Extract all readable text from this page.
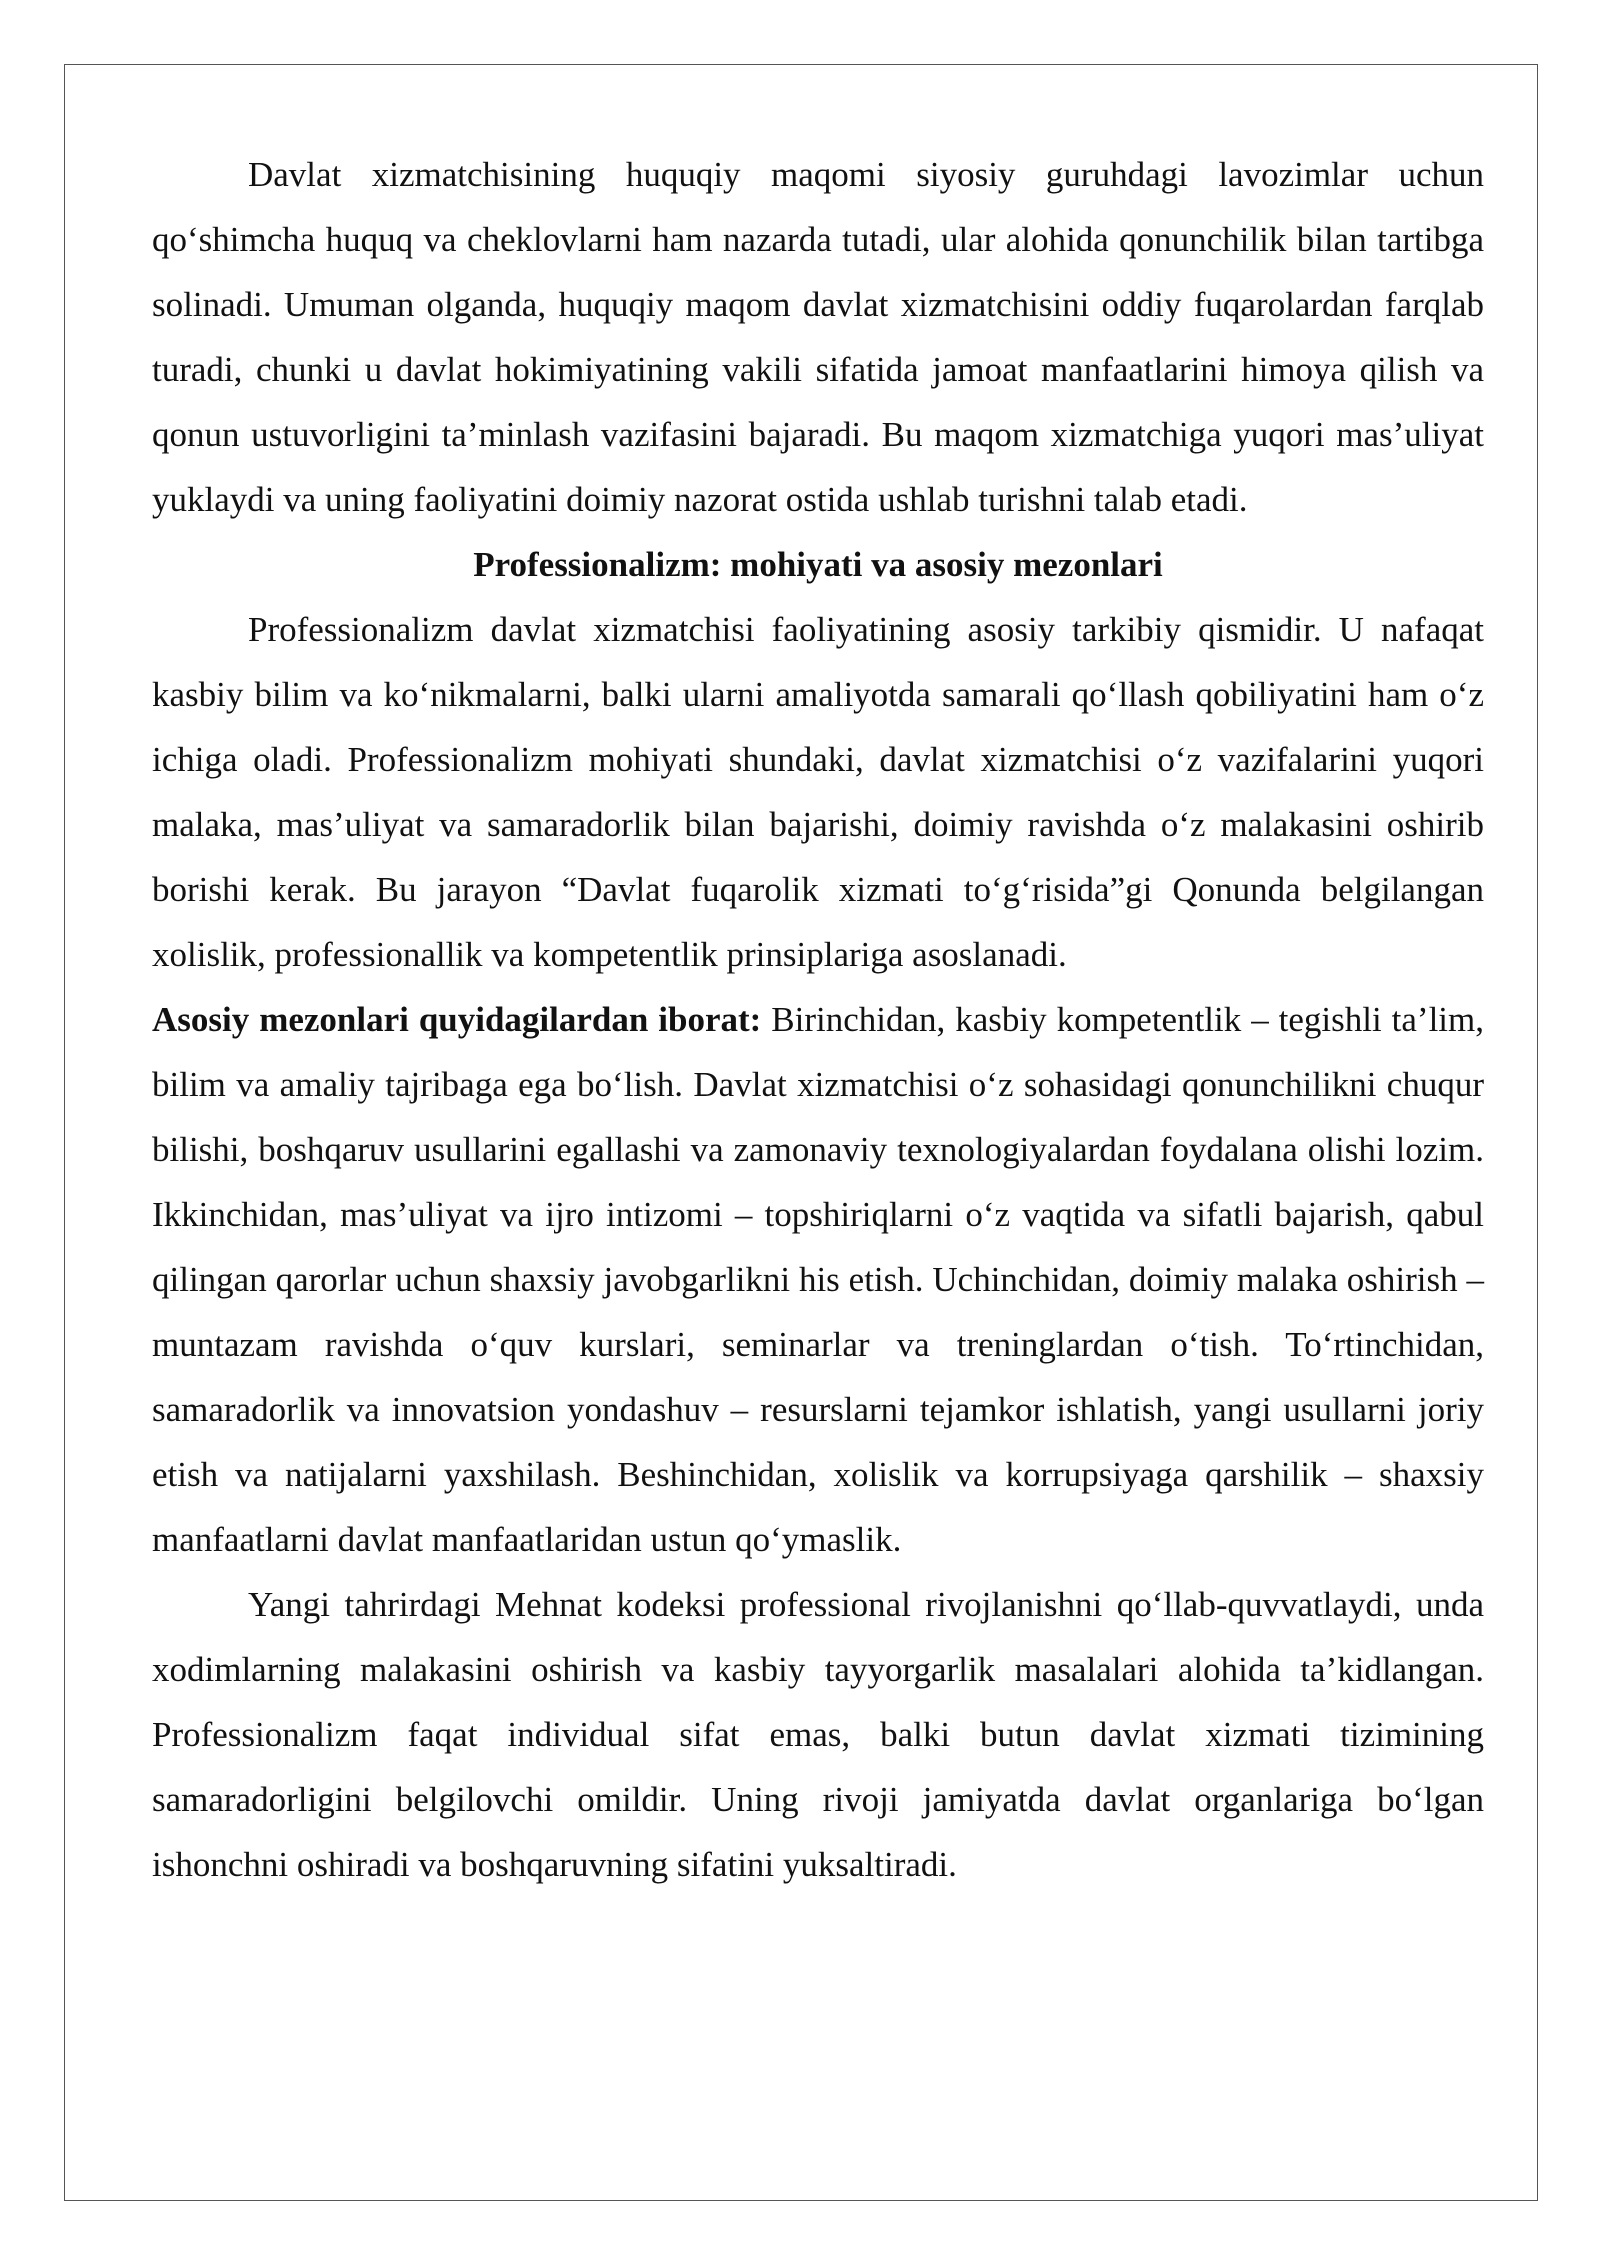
Davlat xizmatchisining huquqiy maqomi siyosiy guruhdagi lavozimlar uchun qo‘shimcha huquq va cheklovlarni ham nazarda tutadi, ular alohida qonunchilik bilan tartibga solinadi. Umuman olganda, huquqiy maqom davlat xizmatchisini oddiy fuqarolardan farqlab turadi, chunki u davlat hokimiyatining vakili sifatida jamoat manfaatlarini himoya qilish va qonun ustuvorligini ta’minlash vazifasini bajaradi. Bu maqom xizmatchiga yuqori mas’uliyat yuklaydi va uning faoliyatini doimiy nazorat ostida ushlab turishni talab etadi.

Professionalizm: mohiyati va asosiy mezonlari

Professionalizm davlat xizmatchisi faoliyatining asosiy tarkibiy qismidir. U nafaqat kasbiy bilim va ko‘nikmalarni, balki ularni amaliyotda samarali qo‘llash qobiliyatini ham o‘z ichiga oladi. Professionalizm mohiyati shundaki, davlat xizmatchisi o‘z vazifalarini yuqori malaka, mas’uliyat va samaradorlik bilan bajarishi, doimiy ravishda o‘z malakasini oshirib borishi kerak. Bu jarayon “Davlat fuqarolik xizmati to‘g‘risida”gi Qonunda belgilangan xolislik, professionallik va kompetentlik prinsiplariga asoslanadi.

Asosiy mezonlari quyidagilardan iborat: Birinchidan, kasbiy kompetentlik – tegishli ta’lim, bilim va amaliy tajribaga ega bo‘lish. Davlat xizmatchisi o‘z sohasidagi qonunchilikni chuqur bilishi, boshqaruv usullarini egallashi va zamonaviy texnologiyalardan foydalana olishi lozim. Ikkinchidan, mas’uliyat va ijro intizomi – topshiriqlarni o‘z vaqtida va sifatli bajarish, qabul qilingan qarorlar uchun shaxsiy javobgarlikni his etish. Uchinchidan, doimiy malaka oshirish – muntazam ravishda o‘quv kurslari, seminarlar va treninglardan o‘tish. To‘rtinchidan, samaradorlik va innovatsion yondashuv – resurslarni tejamkor ishlatish, yangi usullarni joriy etish va natijalarni yaxshilash. Beshinchidan, xolislik va korrupsiyaga qarshilik – shaxsiy manfaatlarni davlat manfaatlaridan ustun qo‘ymaslik.

Yangi tahrirdagi Mehnat kodeksi professional rivojlanishni qo‘llab-quvvatlaydi, unda xodimlarning malakasini oshirish va kasbiy tayyorgarlik masalalari alohida ta’kidlangan. Professionalizm faqat individual sifat emas, balki butun davlat xizmati tizimining samaradorligini belgilovchi omildir. Uning rivoji jamiyatda davlat organlariga bo‘lgan ishonchni oshiradi va boshqaruvning sifatini yuksaltiradi.
